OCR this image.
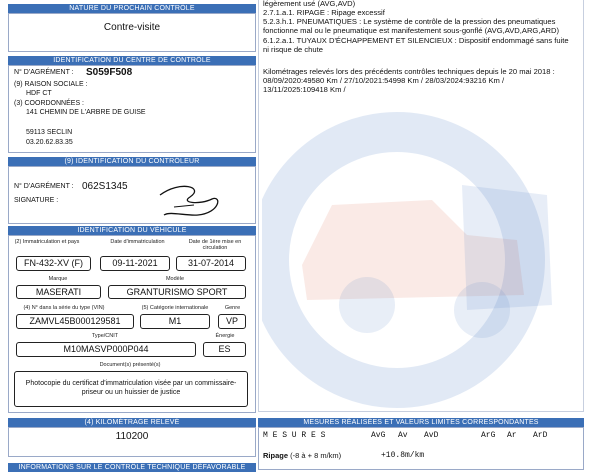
NATURE DU PROCHAIN CONTRÔLE
Contre-visite
IDENTIFICATION DU CENTRE DE CONTRÔLE
N° D'AGRÉMENT : S059F508
(9) RAISON SOCIALE :
HDF CT
(3) COORDONNÉES :
141 CHEMIN DE L'ARBRE DE GUISE
59113 SECLIN
03.20.62.83.35
(9) IDENTIFICATION DU CONTRÔLEUR
N° D'AGRÉMENT : 062S1345
SIGNATURE :
IDENTIFICATION DU VÉHICULE
(2) Immatriculation et pays	Date d'immatriculation	Date de 1ère mise en circulation
FN-432-XV (F)	09-11-2021	31-07-2014
Marque	Modèle
MASERATI	GRANTURISMO SPORT
(4) N° dans la série du type (VIN)	(5) Catégorie internationale	Genre
ZAMVL45B000129581	M1	VP
Type/CNIT	Énergie
M10MASVP000P044	ES
Document(s) présenté(s)
Photocopie du certificat d'immatriculation visée par un commissaire-priseur ou un huissier de justice
(4) KILOMÉTRAGE RELEVÉ
110200
INFORMATIONS SUR LE CONTRÔLE TECHNIQUE DÉFAVORABLE
légèrement usé (AVG,AVD)
2.7.1.a.1. RIPAGE : Ripage excessif
5.2.3.h.1. PNEUMATIQUES : Le système de contrôle de la pression des pneumatiques
fonctionne mal ou le pneumatique est manifestement sous-gonflé (AVG,AVD,ARG,ARD)
6.1.2.a.1. TUYAUX D'ÉCHAPPEMENT ET SILENCIEUX : Dispositif endommagé sans fuite
ni risque de chute
Kilométrages relevés lors des précédents contrôles techniques depuis le 20 mai 2018 :
08/09/2020:49580 Km / 27/10/2021:54998 Km / 28/03/2024:93216 Km /
13/11/2025:109418 Km /
MESURES RÉALISÉES ET VALEURS LIMITES CORRESPONDANTES
M E S U R E S	AvG Av AvD	ArG Ar ArD
Ripage (-8 à + 8 m/km)	+10.8m/km
